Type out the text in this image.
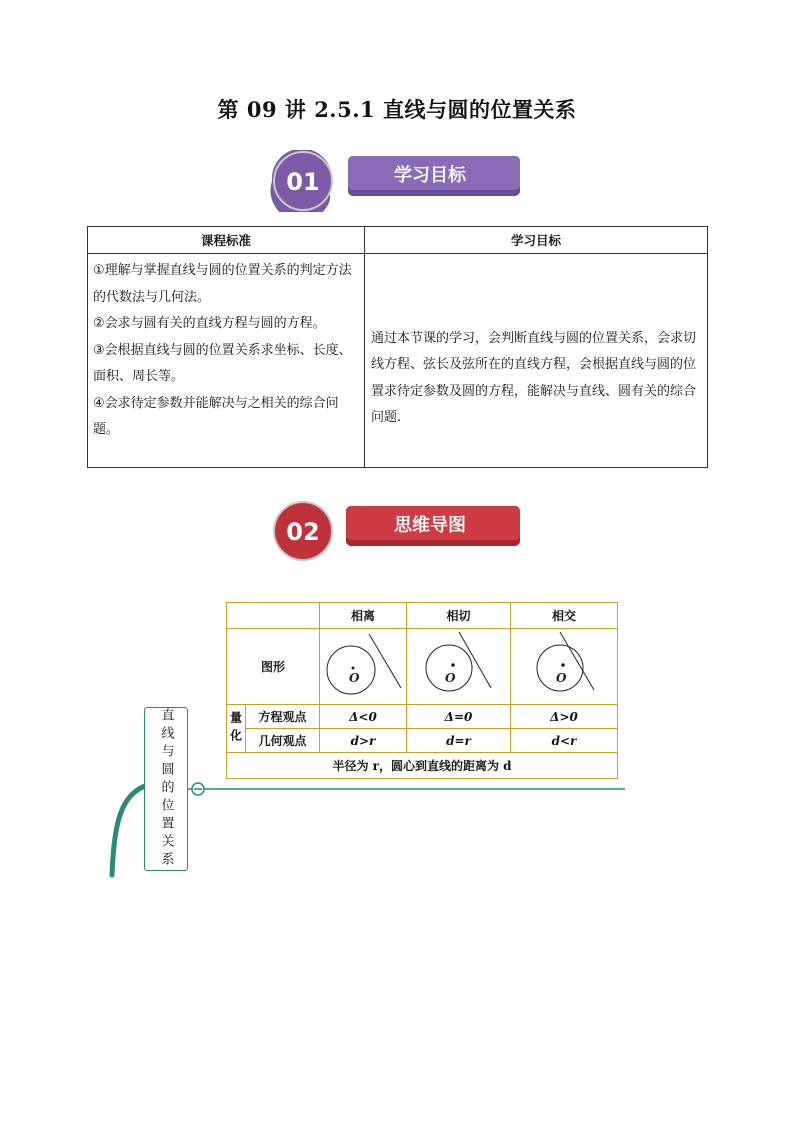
第 09 讲 2.5.1 直线与圆的位置关系
01	学习目标
课程标准	学习目标

①理解与掌握直线与圆的位置关系的判定方法的代数法与几何法。
②会求与圆有关的直线方程与圆的方程。
③会根据直线与圆的位置关系求坐标、长度、面积、周长等。
④会求待定参数并能解决与之相关的综合问题。	通过本节课的学习，会判断直线与圆的位置关系，会求切线方程、弦长及弦所在的直线方程，会根据直线与圆的位置求待定参数及圆的方程，能解决与直线、圆有关的综合问题.
02	思维导图
直线与圆的位置关系
		相离	相切	相交
图形		O	O	O

量化	方程观点	Δ<0	Δ=0	Δ>0
	几何观点	d>r	d=r	d<r
半径为 r，圆心到直线的距离为 d				
